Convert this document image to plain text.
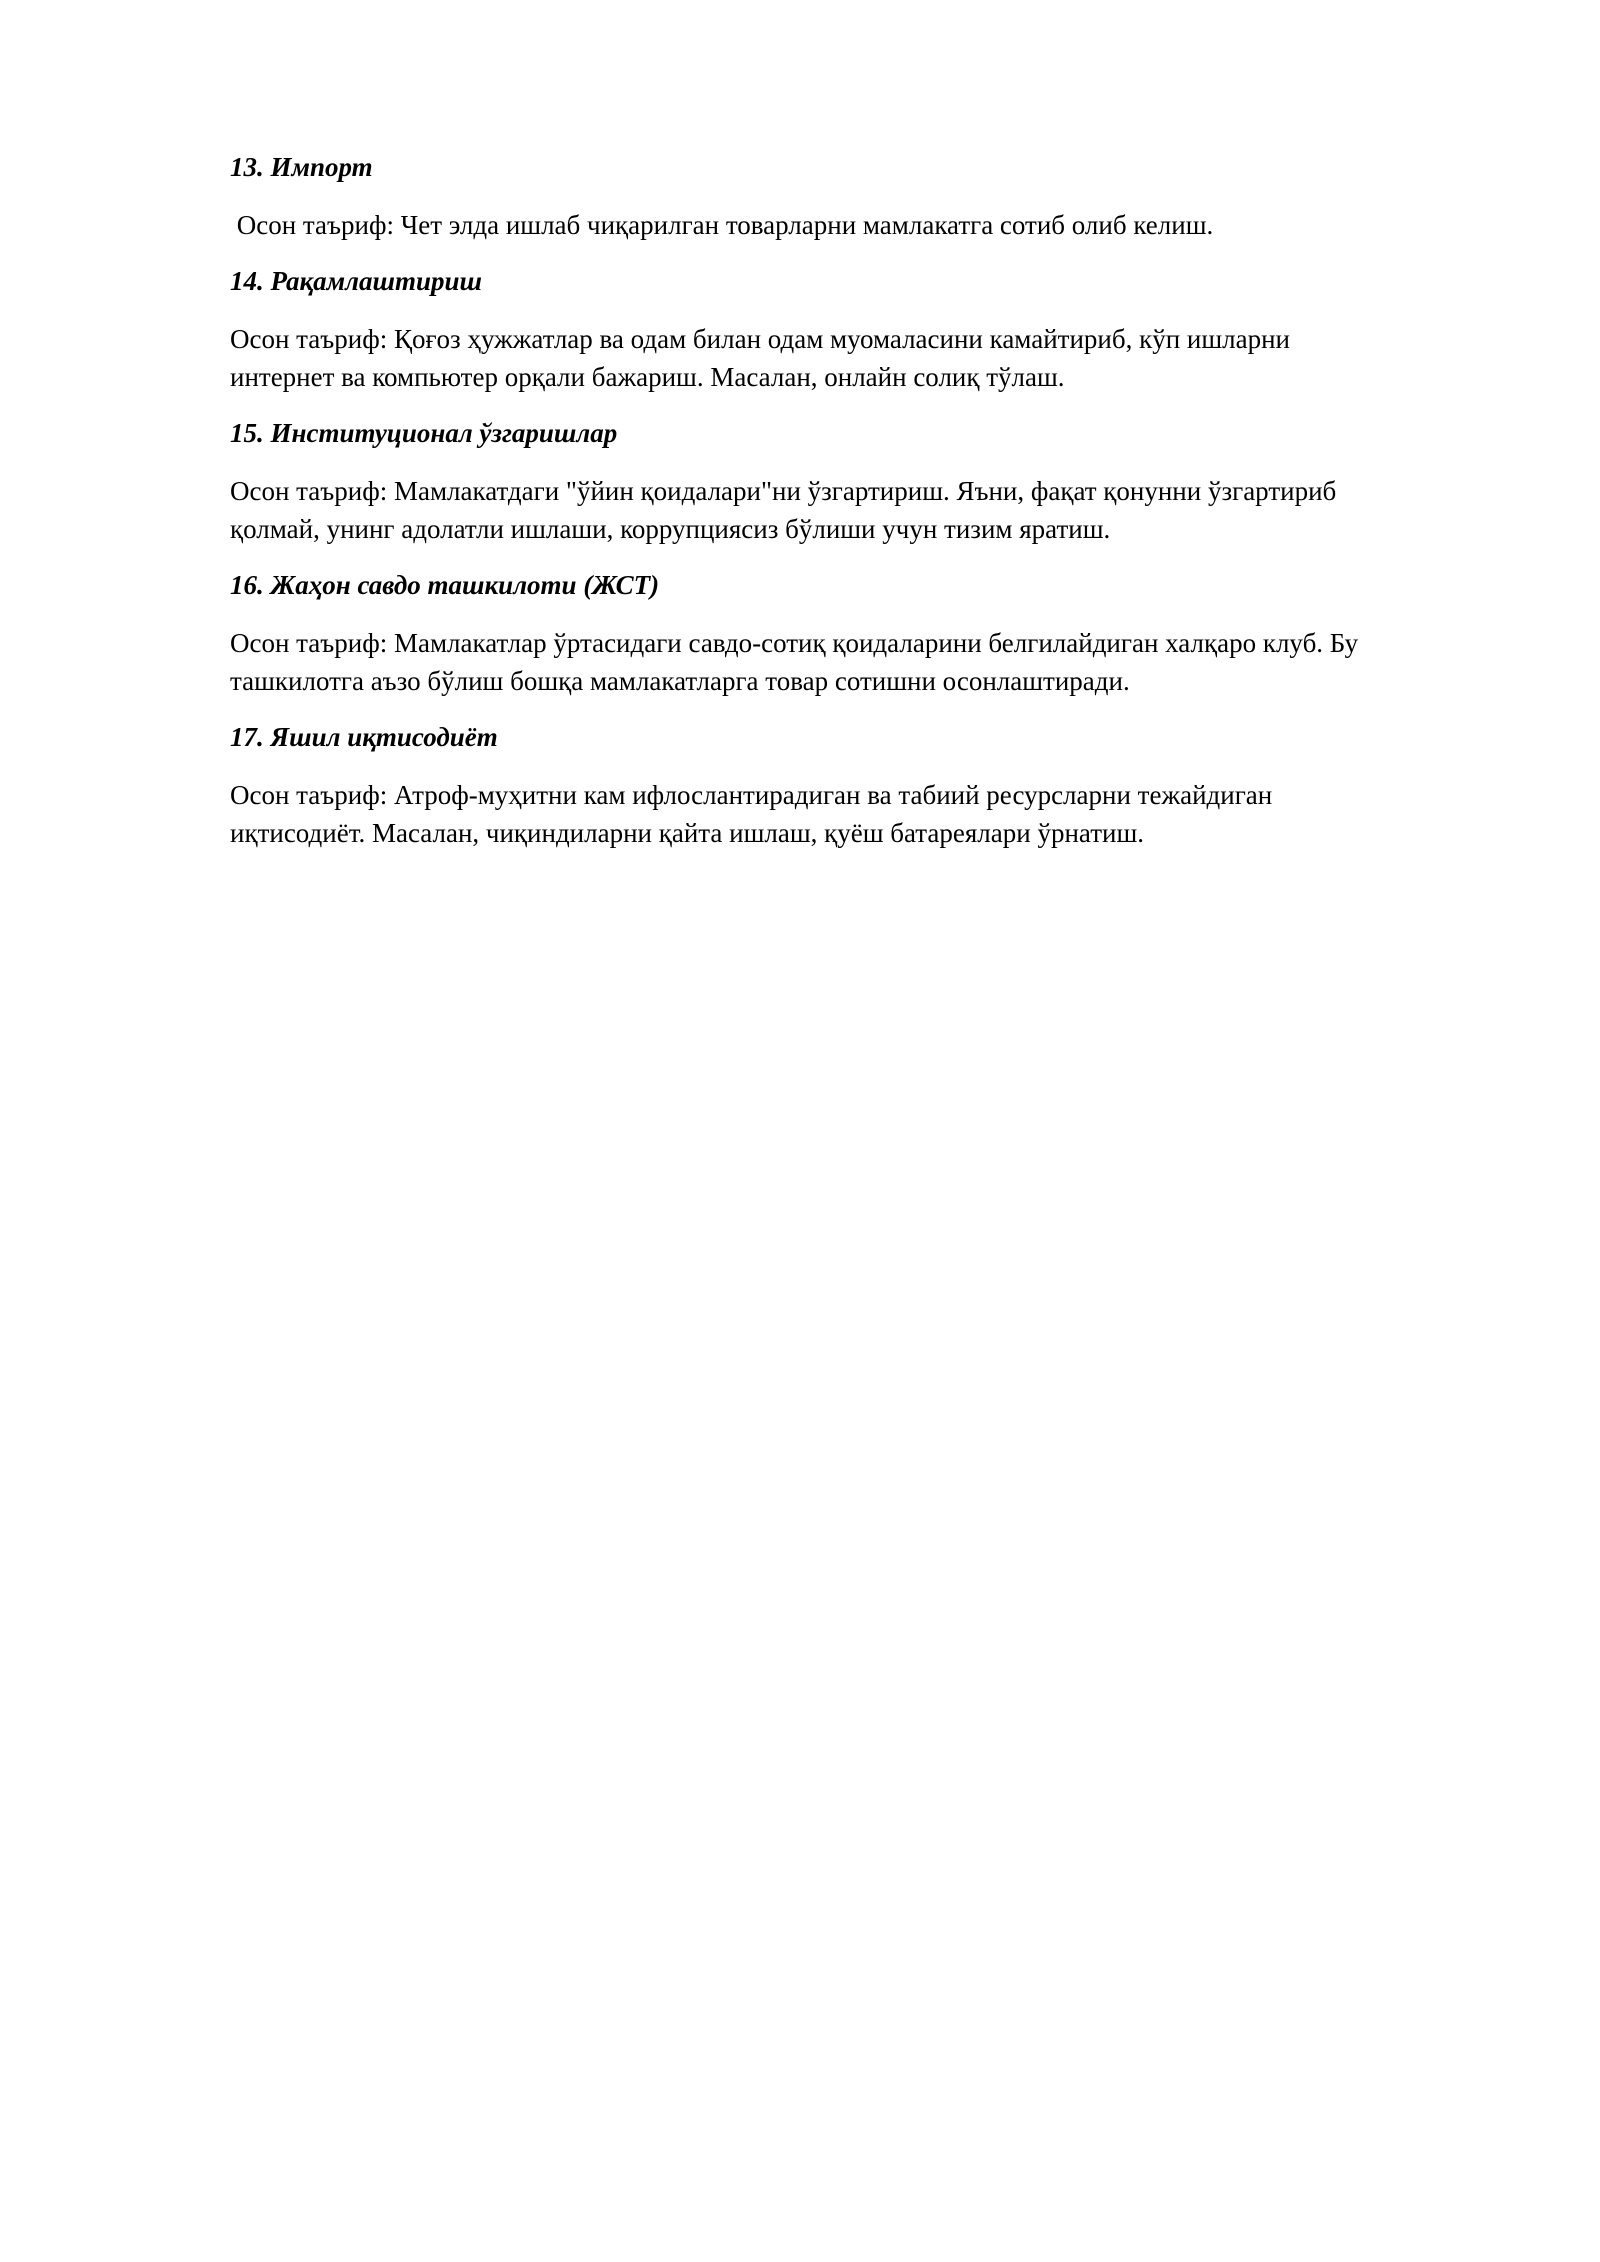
13. Импорт

Осон таъриф: Чет элда ишлаб чиқарилган товарларни мамлакатга сотиб олиб келиш.

14. Рақамлаштириш

Осон таъриф: Қоғоз ҳужжатлар ва одам билан одам муомаласини камайтириб, кўп ишларни
интернет ва компьютер орқали бажариш. Масалан, онлайн солиқ тўлаш.

15. Институционал ўзгаришлар

Осон таъриф: Мамлакатдаги "ўйин қоидалари"ни ўзгартириш. Яъни, фақат қонунни ўзгартириб
қолмай, унинг адолатли ишлаши, коррупциясиз бўлиши учун тизим яратиш.

16. Жаҳон савдо ташкилоти (ЖСТ)

Осон таъриф: Мамлакатлар ўртасидаги савдо-сотиқ қоидаларини белгилайдиган халқаро клуб. Бу
ташкилотга аъзо бўлиш бошқа мамлакатларга товар сотишни осонлаштиради.

17. Яшил иқтисодиёт

Осон таъриф: Атроф-муҳитни кам ифлослантирадиган ва табиий ресурсларни тежайдиган
иқтисодиёт. Масалан, чиқиндиларни қайта ишлаш, қуёш батареялари ўрнатиш.
